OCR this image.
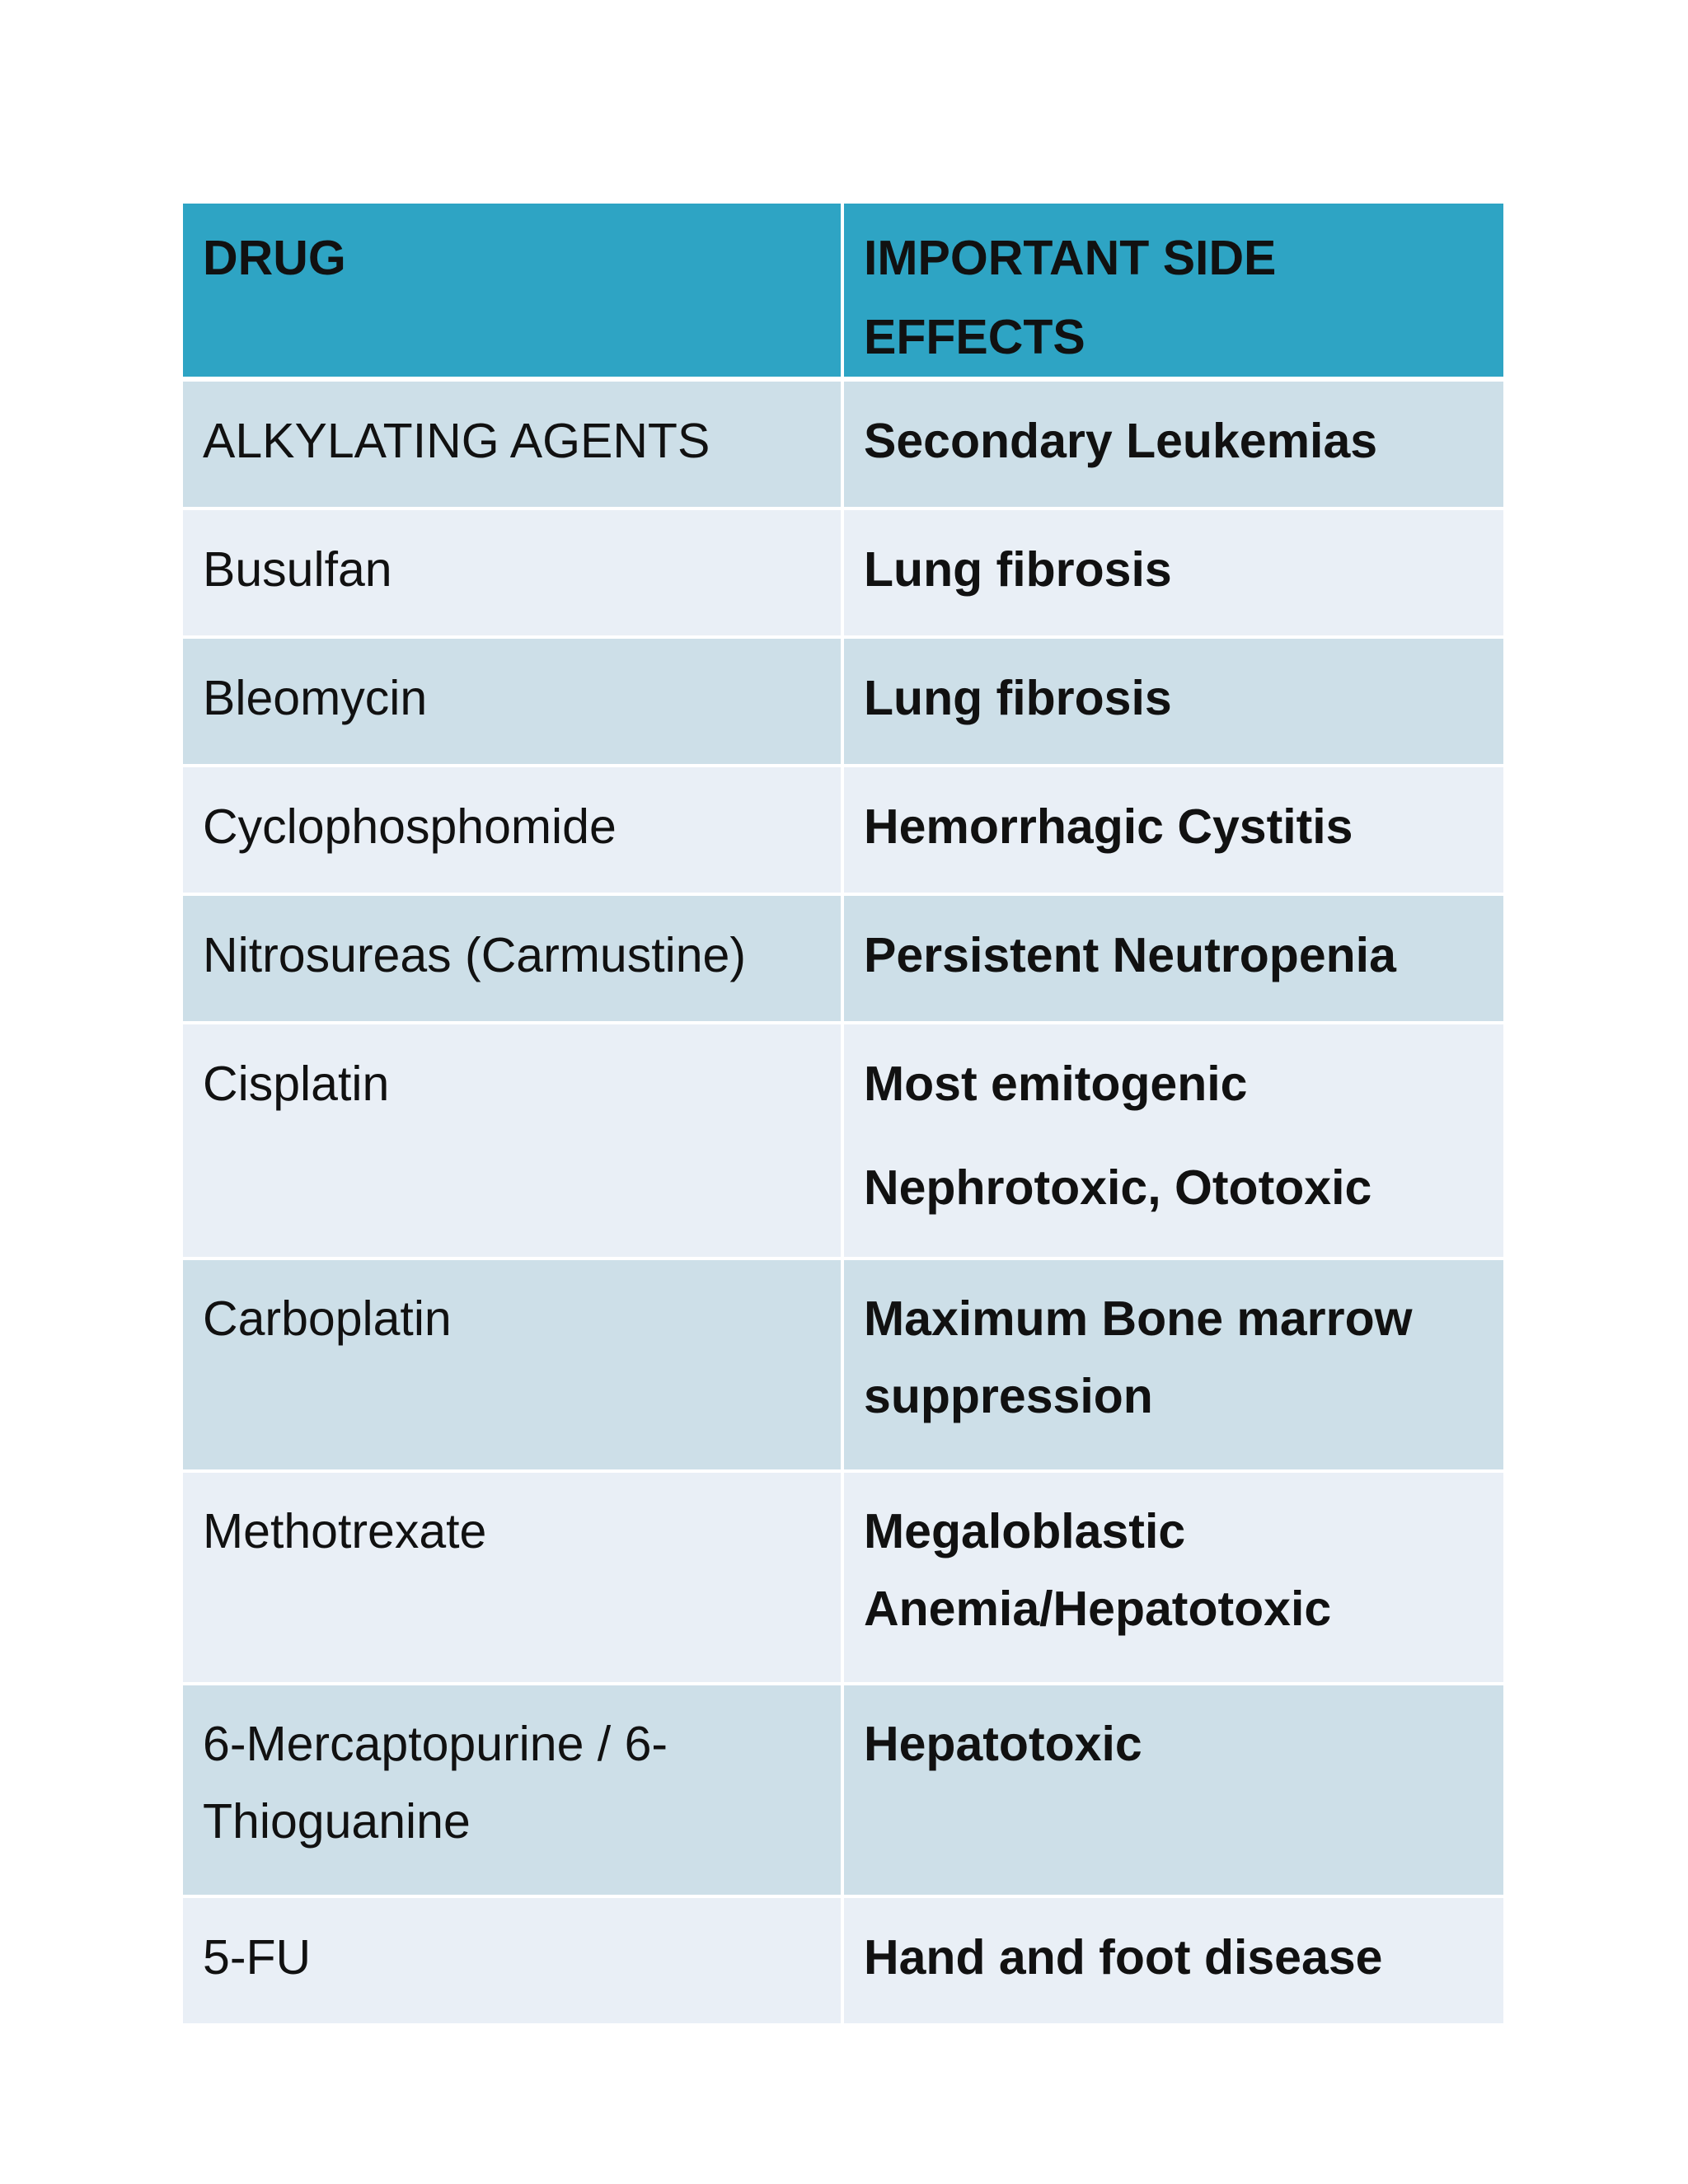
DRUG	IMPORTANT SIDE EFFECTS
ALKYLATING AGENTS	Secondary Leukemias
Busulfan	Lung fibrosis
Bleomycin	Lung fibrosis
Cyclophosphomide	Hemorrhagic Cystitis
Nitrosureas (Carmustine)	Persistent Neutropenia
Cisplatin	Most emitogenic
Nephrotoxic, Ototoxic

Carboplatin	Maximum Bone marrow suppression
Methotrexate	Megaloblastic Anemia/Hepatotoxic
6-Mercaptopurine / 6-Thioguanine	Hepatotoxic
5-FU	Hand and foot disease
